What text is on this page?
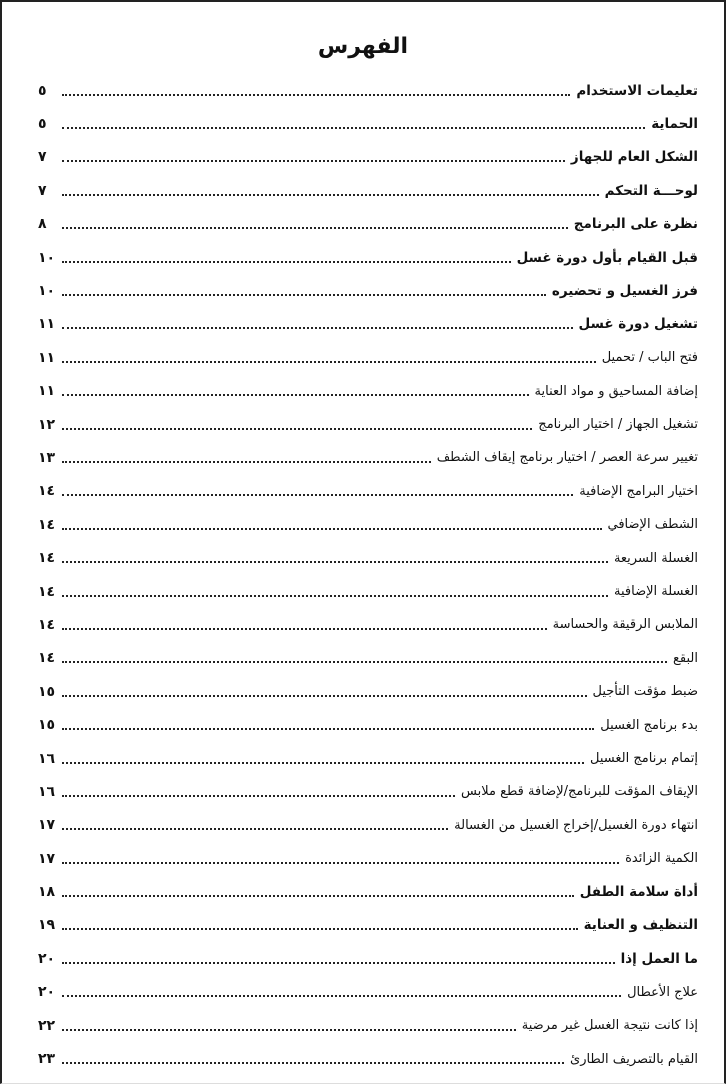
الفهرس
تعليمات الاستخدام
٥
الحماية
٥
الشكل العام للجهاز
٧
لوحـــة التحكم
٧
نظرة على البرنامج
٨
قبل القيام بأول دورة غسل
١٠
فرز الغسيل و تحضيره
١٠
تشغيل دورة غسل
١١
فتح الباب / تحميل
١١
إضافة المساحيق و مواد العناية
١١
تشغيل الجهاز / اختيار البرنامج
١٢
تغيير سرعة العصر / اختيار برنامج إيقاف الشطف
١٣
اختيار البرامج الإضافية
١٤
الشطف الإضافي
١٤
الغسلة السريعة
١٤
الغسلة الإضافية
١٤
الملابس الرقيقة والحساسة
١٤
البقع
١٤
ضبط مؤقت التأجيل
١٥
بدء برنامج الغسيل
١٥
إتمام برنامج الغسيل
١٦
الإيقاف المؤقت للبرنامج/لإضافة قطع ملابس
١٦
انتهاء دورة الغسيل/إخراج الغسيل من الغسالة
١٧
الكمية الزائدة
١٧
أداة سلامة الطفل
١٨
التنظيف و العناية
١٩
ما العمل إذا
٢٠
علاج الأعطال
٢٠
إذا كانت نتيجة الغسل غير مرضية
٢٢
القيام بالتصريف الطارئ
٢٣
